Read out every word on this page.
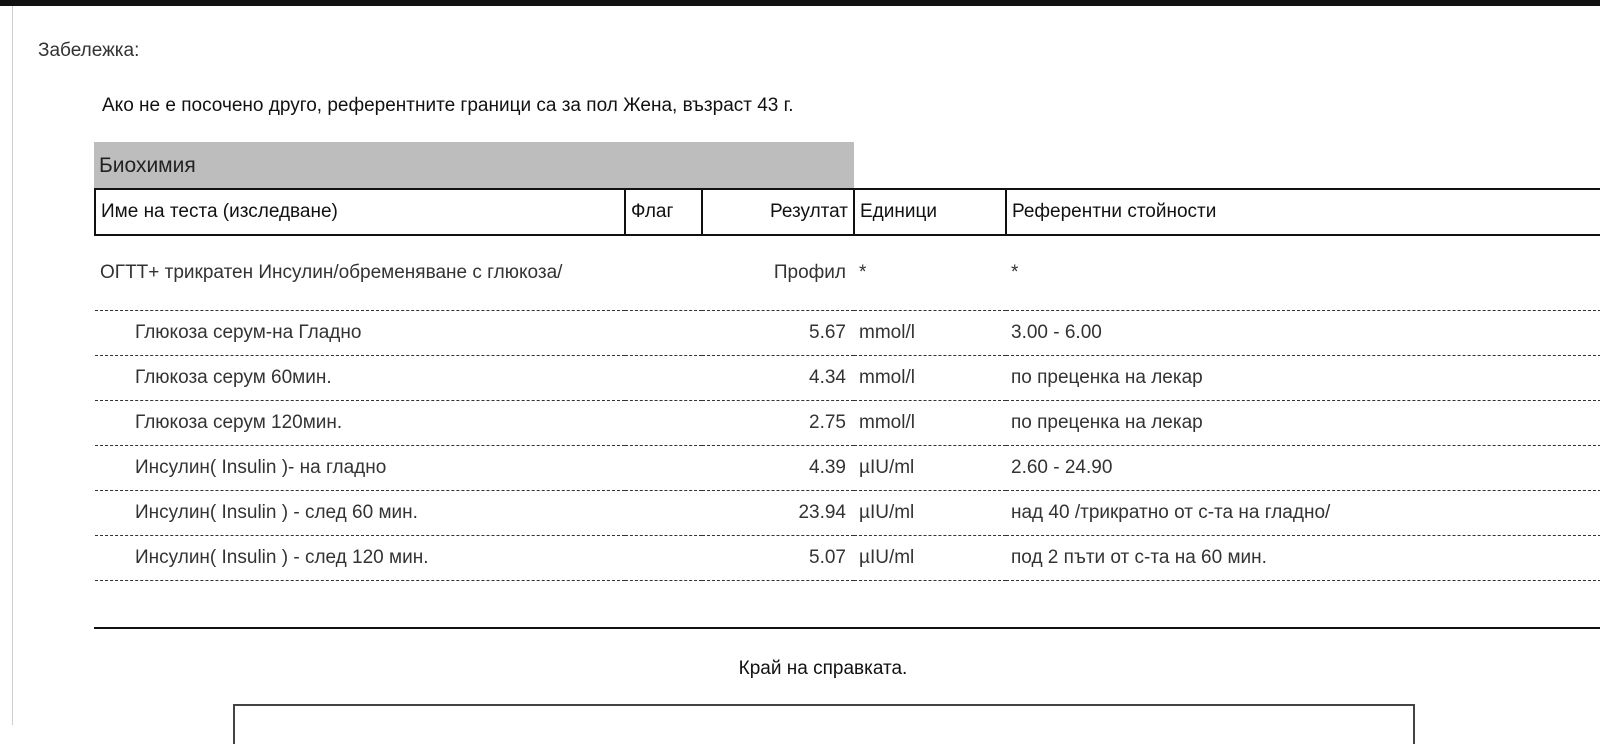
Забележка:
Ако не е посочено друго, референтните граници са за пол Жена, възраст 43 г.
Биохимия
Име на теста (изследване)	Флаг	Резултат	Единици	Референтни стойности
ОГТТ+ трикратен Инсулин/обременяване с глюкоза/		Профил	*	*
Глюкоза серум-на Гладно		5.67	mmol/l	3.00 - 6.00
Глюкоза серум 60мин.		4.34	mmol/l	по преценка на лекар
Глюкоза серум 120мин.		2.75	mmol/l	по преценка на лекар
Инсулин( Insulin )- на гладно		4.39	µIU/ml	2.60 - 24.90
Инсулин( Insulin ) - след 60 мин.		23.94	µIU/ml	над 40 /трикратно от с-та на гладно/
Инсулин( Insulin ) - след 120 мин.		5.07	µIU/ml	под 2 пъти от с-та на 60 мин.
Край на справката.
